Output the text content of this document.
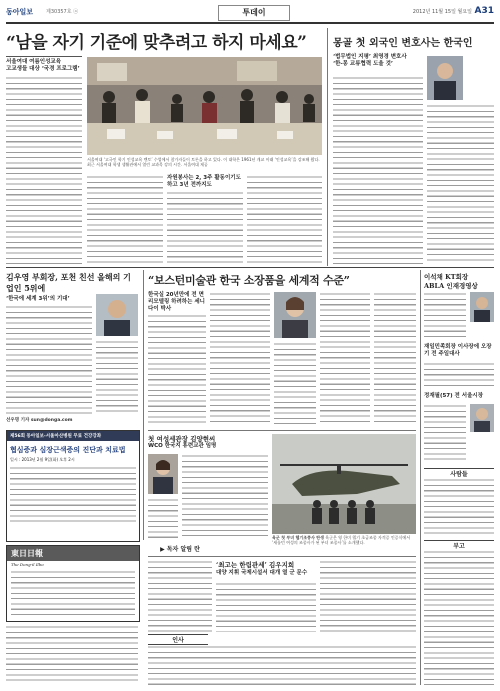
동아일보	제30357호 ⓐ	투데이	2012년 11월 15일 월요일 A31
“남을 자기 기준에 맞추려고 하지 마세요”
서울여대 여름인성교육
고교생들 대상 ‘국경 프로그램’
서울여대 ‘고국인 학기 인성교육 멘토’ 수업에서 참가자들이 토론을 하고 있다. 이 대학은 1961년 개교 이래 ‘인성교육’을 강조해 왔다. 최근 서울여대 학생 생활관에서 열린 교과목 강의 시간. 서울여대 제공
자원봉사는 2, 3주 활동이기도 하고 3년 전까지도
몽골 첫 외국인 변호사는 한국인
‘법무법인 지평’ 최영경 변호사
‘한-몽 교류협력 도울 것’
김우영 부회장, 포천 친선 올해의 기업인 5위에
‘한국에 세계 3위’의 기대’
선우명 기자 sun@donga.com
“보스턴미술관 한국 소장품을 세계적 수준”
한국실 20년만에 전 면 리모델링 하려하는 세니다이 박사
이석채 KT회장
ABLA 인재경영상
재일민족회장 이사장에 오장기 전 주일대사
정재필(57) 전 서울시장
사람들
부고
제56회 동아일보-서울아산병원 무료 건강강좌
협심증과 심장근색증의 진단과 치료법
일시 : 2013년 2월 9일(화) 오후 2시
東日日報
The Dong-il Ilbo
첫 여성세관장 김양현씨
WCO 한국지 휴련교관 임명
육군 첫 부녀 헬기조종사 탄생 육군은 영 한미 헬기 초급조종 자격증 인증식에서 ‘새롭던 여성의 조종사가 된 부녀 조종사’를 소개했다.
‘최고는 한림관세’ 김우지희
대양 지휘 국제시설서 대개 열 군 문수
인사
▶ 독자 알림 란
